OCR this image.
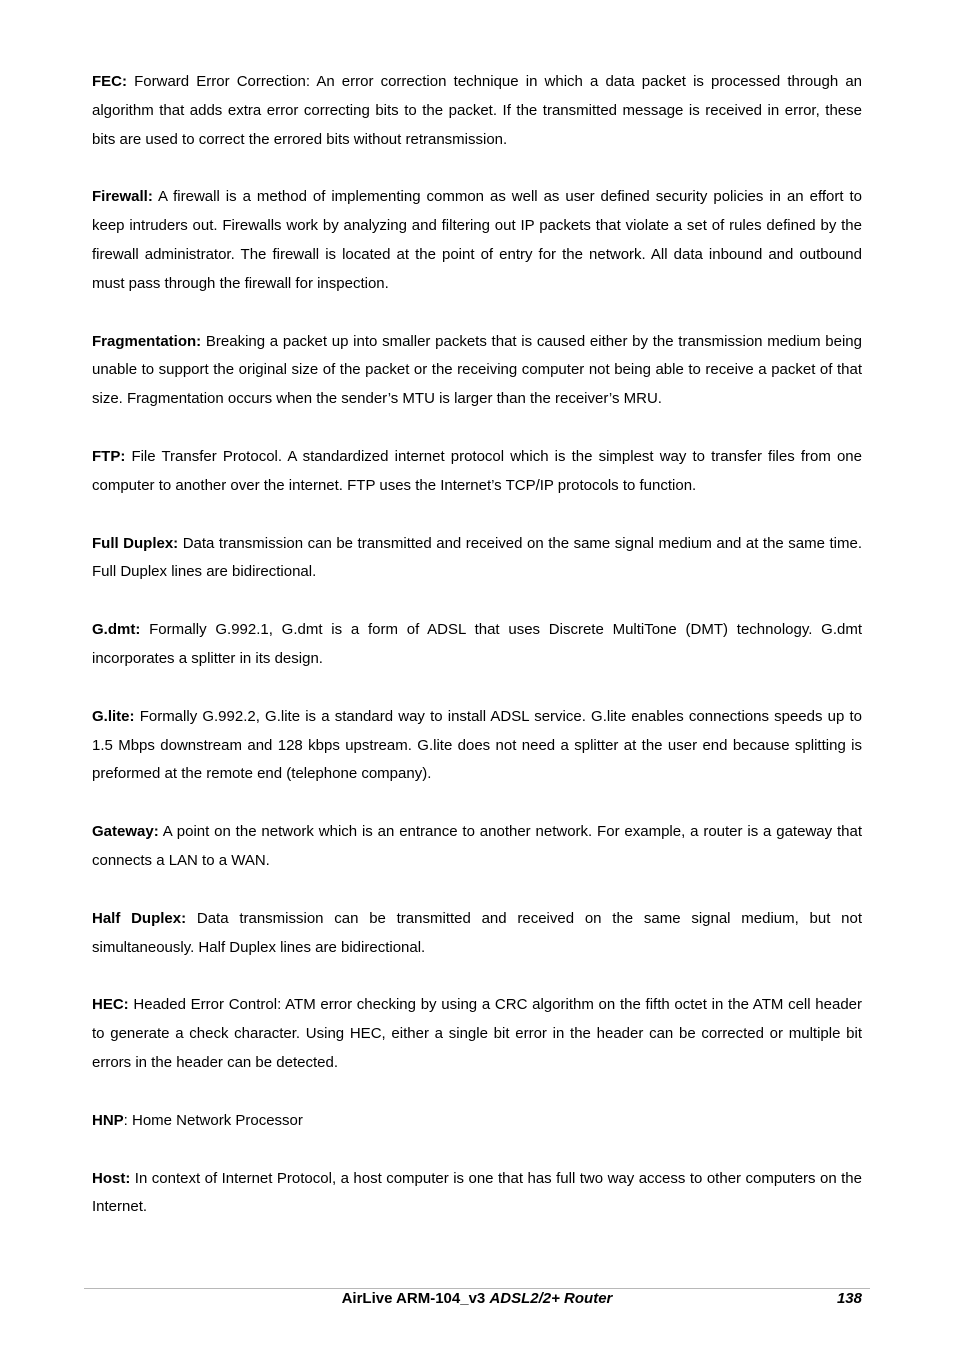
FEC: Forward Error Correction: An error correction technique in which a data packet is processed through an algorithm that adds extra error correcting bits to the packet. If the transmitted message is received in error, these bits are used to correct the errored bits without retransmission.

Firewall: A firewall is a method of implementing common as well as user defined security policies in an effort to keep intruders out. Firewalls work by analyzing and filtering out IP packets that violate a set of rules defined by the firewall administrator. The firewall is located at the point of entry for the network. All data inbound and outbound must pass through the firewall for inspection.

Fragmentation: Breaking a packet up into smaller packets that is caused either by the transmission medium being unable to support the original size of the packet or the receiving computer not being able to receive a packet of that size. Fragmentation occurs when the sender’s MTU is larger than the receiver’s MRU.

FTP: File Transfer Protocol. A standardized internet protocol which is the simplest way to transfer files from one computer to another over the internet. FTP uses the Internet’s TCP/IP protocols to function.

Full Duplex: Data transmission can be transmitted and received on the same signal medium and at the same time. Full Duplex lines are bidirectional.

G.dmt: Formally G.992.1, G.dmt is a form of ADSL that uses Discrete MultiTone (DMT) technology. G.dmt incorporates a splitter in its design.

G.lite: Formally G.992.2, G.lite is a standard way to install ADSL service. G.lite enables connections speeds up to 1.5 Mbps downstream and 128 kbps upstream. G.lite does not need a splitter at the user end because splitting is preformed at the remote end (telephone company).

Gateway: A point on the network which is an entrance to another network. For example, a router is a gateway that connects a LAN to a WAN.

Half Duplex: Data transmission can be transmitted and received on the same signal medium, but not simultaneously. Half Duplex lines are bidirectional.

HEC: Headed Error Control: ATM error checking by using a CRC algorithm on the fifth octet in the ATM cell header to generate a check character. Using HEC, either a single bit error in the header can be corrected or multiple bit errors in the header can be detected.

HNP: Home Network Processor

Host: In context of Internet Protocol, a host computer is one that has full two way access to other computers on the Internet.

AirLive ARM-104_v3 ADSL2/2+ Router	138
